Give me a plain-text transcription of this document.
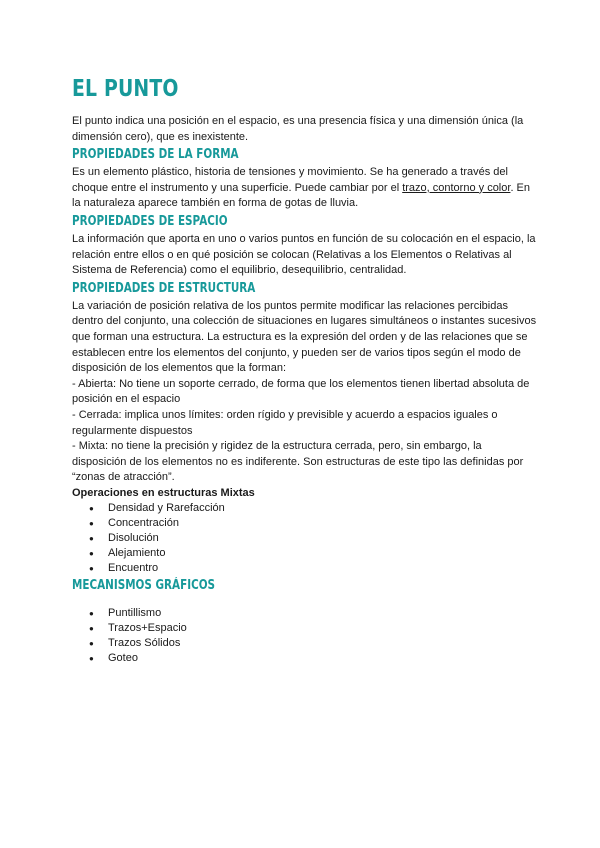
EL PUNTO

El punto indica una posición en el espacio, es una presencia física y una dimensión única (la dimensión cero), que es inexistente.

PROPIEDADES DE LA FORMA

Es un elemento plástico, historia de tensiones y movimiento. Se ha generado a través del choque entre el instrumento y una superficie. Puede cambiar por el trazo, contorno y color. En la naturaleza aparece también en forma de gotas de lluvia.

PROPIEDADES DE ESPACIO

La información que aporta en uno o varios puntos en función de su colocación en el espacio, la relación entre ellos o en qué posición se colocan (Relativas a los Elementos o Relativas al Sistema de Referencia) como el equilibrio, desequilibrio, centralidad.

PROPIEDADES DE ESTRUCTURA

La variación de posición relativa de los puntos permite modificar las relaciones percibidas dentro del conjunto, una colección de situaciones en lugares simultáneos o instantes sucesivos que forman una estructura. La estructura es la expresión del orden y de las relaciones que se establecen entre los elementos del conjunto, y pueden ser de varios tipos según el modo de disposición de los elementos que la forman:

- Abierta: No tiene un soporte cerrado, de forma que los elementos tienen libertad absoluta de posición en el espacio

- Cerrada: implica unos límites: orden rígido y previsible y acuerdo a espacios iguales o regularmente dispuestos

- Mixta: no tiene la precisión y rigidez de la estructura cerrada, pero, sin embargo, la disposición de los elementos no es indiferente. Son estructuras de este tipo las definidas por “zonas de atracción”.

Operaciones en estructuras Mixtas

● Densidad y Rarefacción
● Concentración
● Disolución
● Alejamiento
● Encuentro
MECANISMOS GRÁFICOS
● Puntillismo
● Trazos+Espacio
● Trazos Sólidos
● Goteo
